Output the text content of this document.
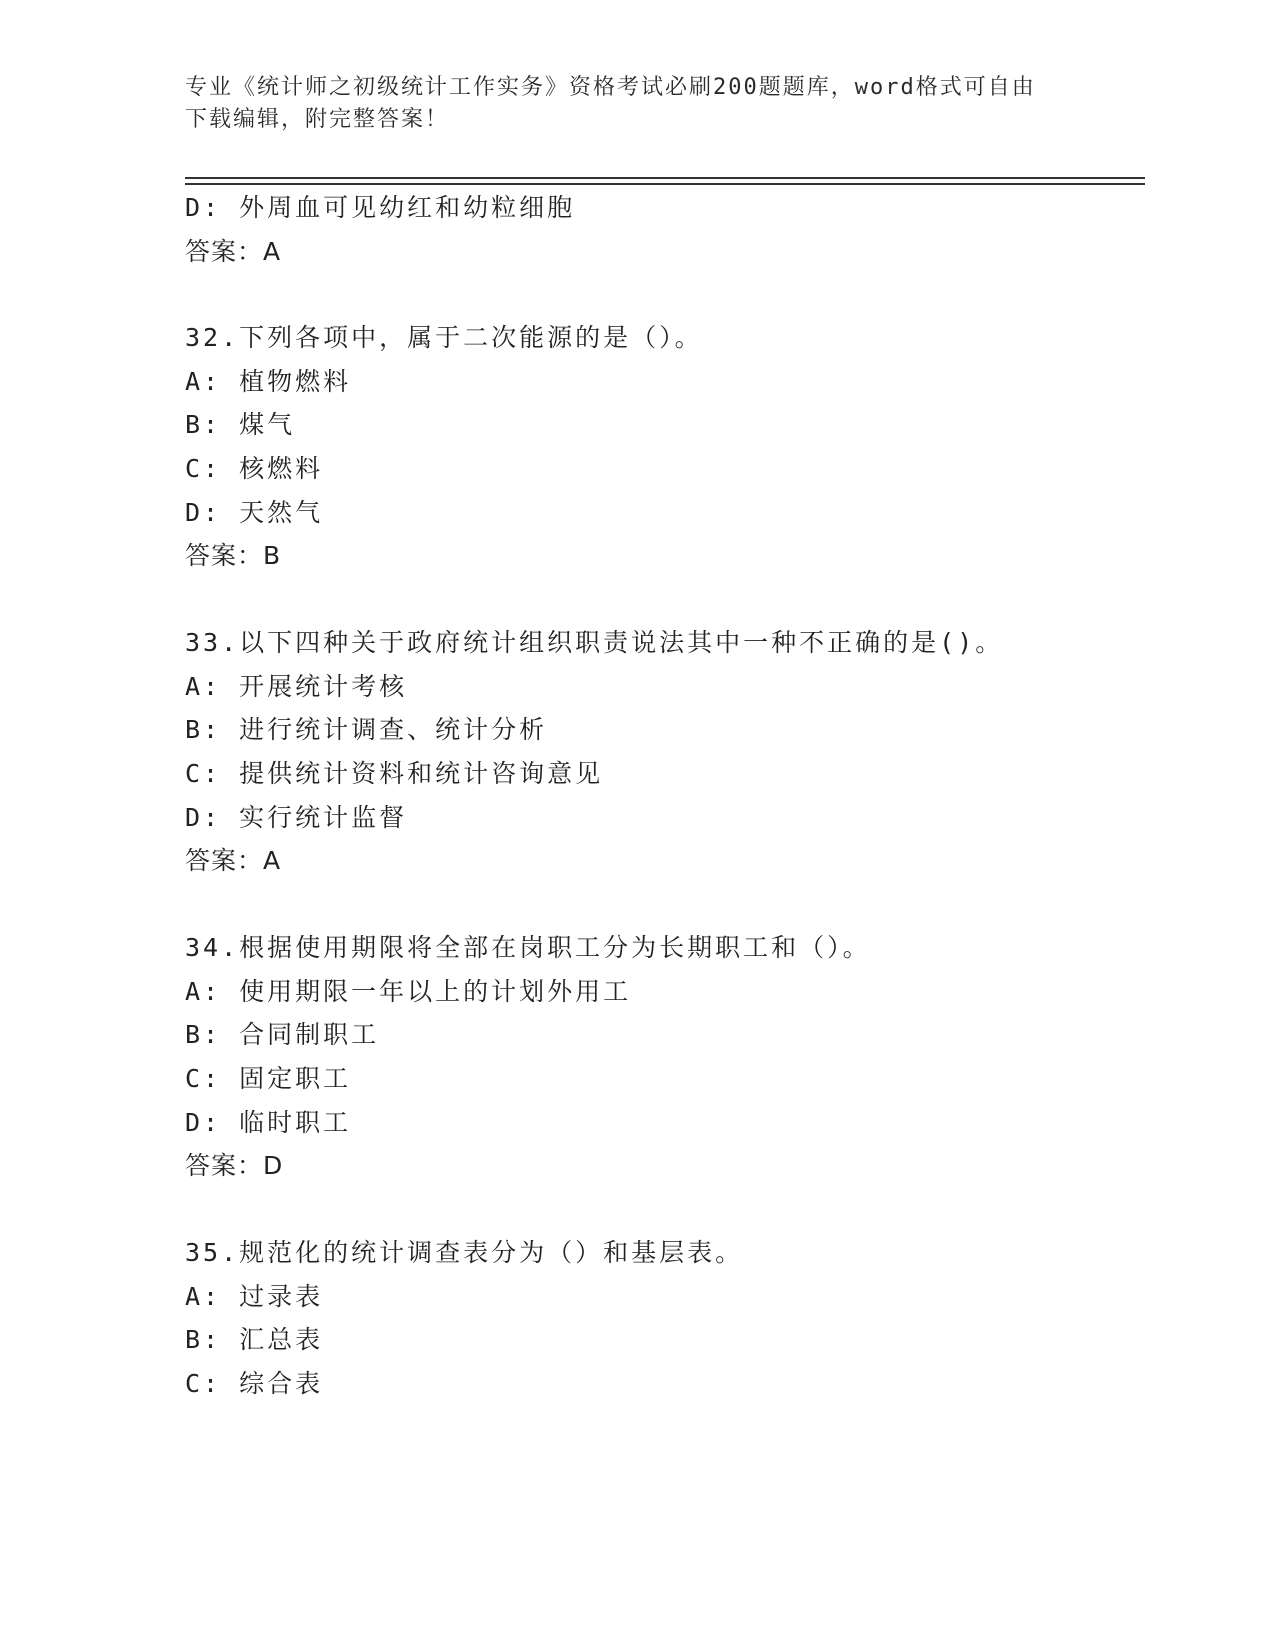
专业《统计师之初级统计工作实务》资格考试必刷200题题库，word格式可自由
下载编辑，附完整答案！
D: 外周血可见幼红和幼粒细胞
答案：A
32.下列各项中，属于二次能源的是（）。
A: 植物燃料
B: 煤气
C: 核燃料
D: 天然气
答案：B
33.以下四种关于政府统计组织职责说法其中一种不正确的是()。
A: 开展统计考核
B: 进行统计调查、统计分析
C: 提供统计资料和统计咨询意见
D: 实行统计监督
答案：A
34.根据使用期限将全部在岗职工分为长期职工和（）。
A: 使用期限一年以上的计划外用工
B: 合同制职工
C: 固定职工
D: 临时职工
答案：D
35.规范化的统计调查表分为（）和基层表。
A: 过录表
B: 汇总表
C: 综合表
